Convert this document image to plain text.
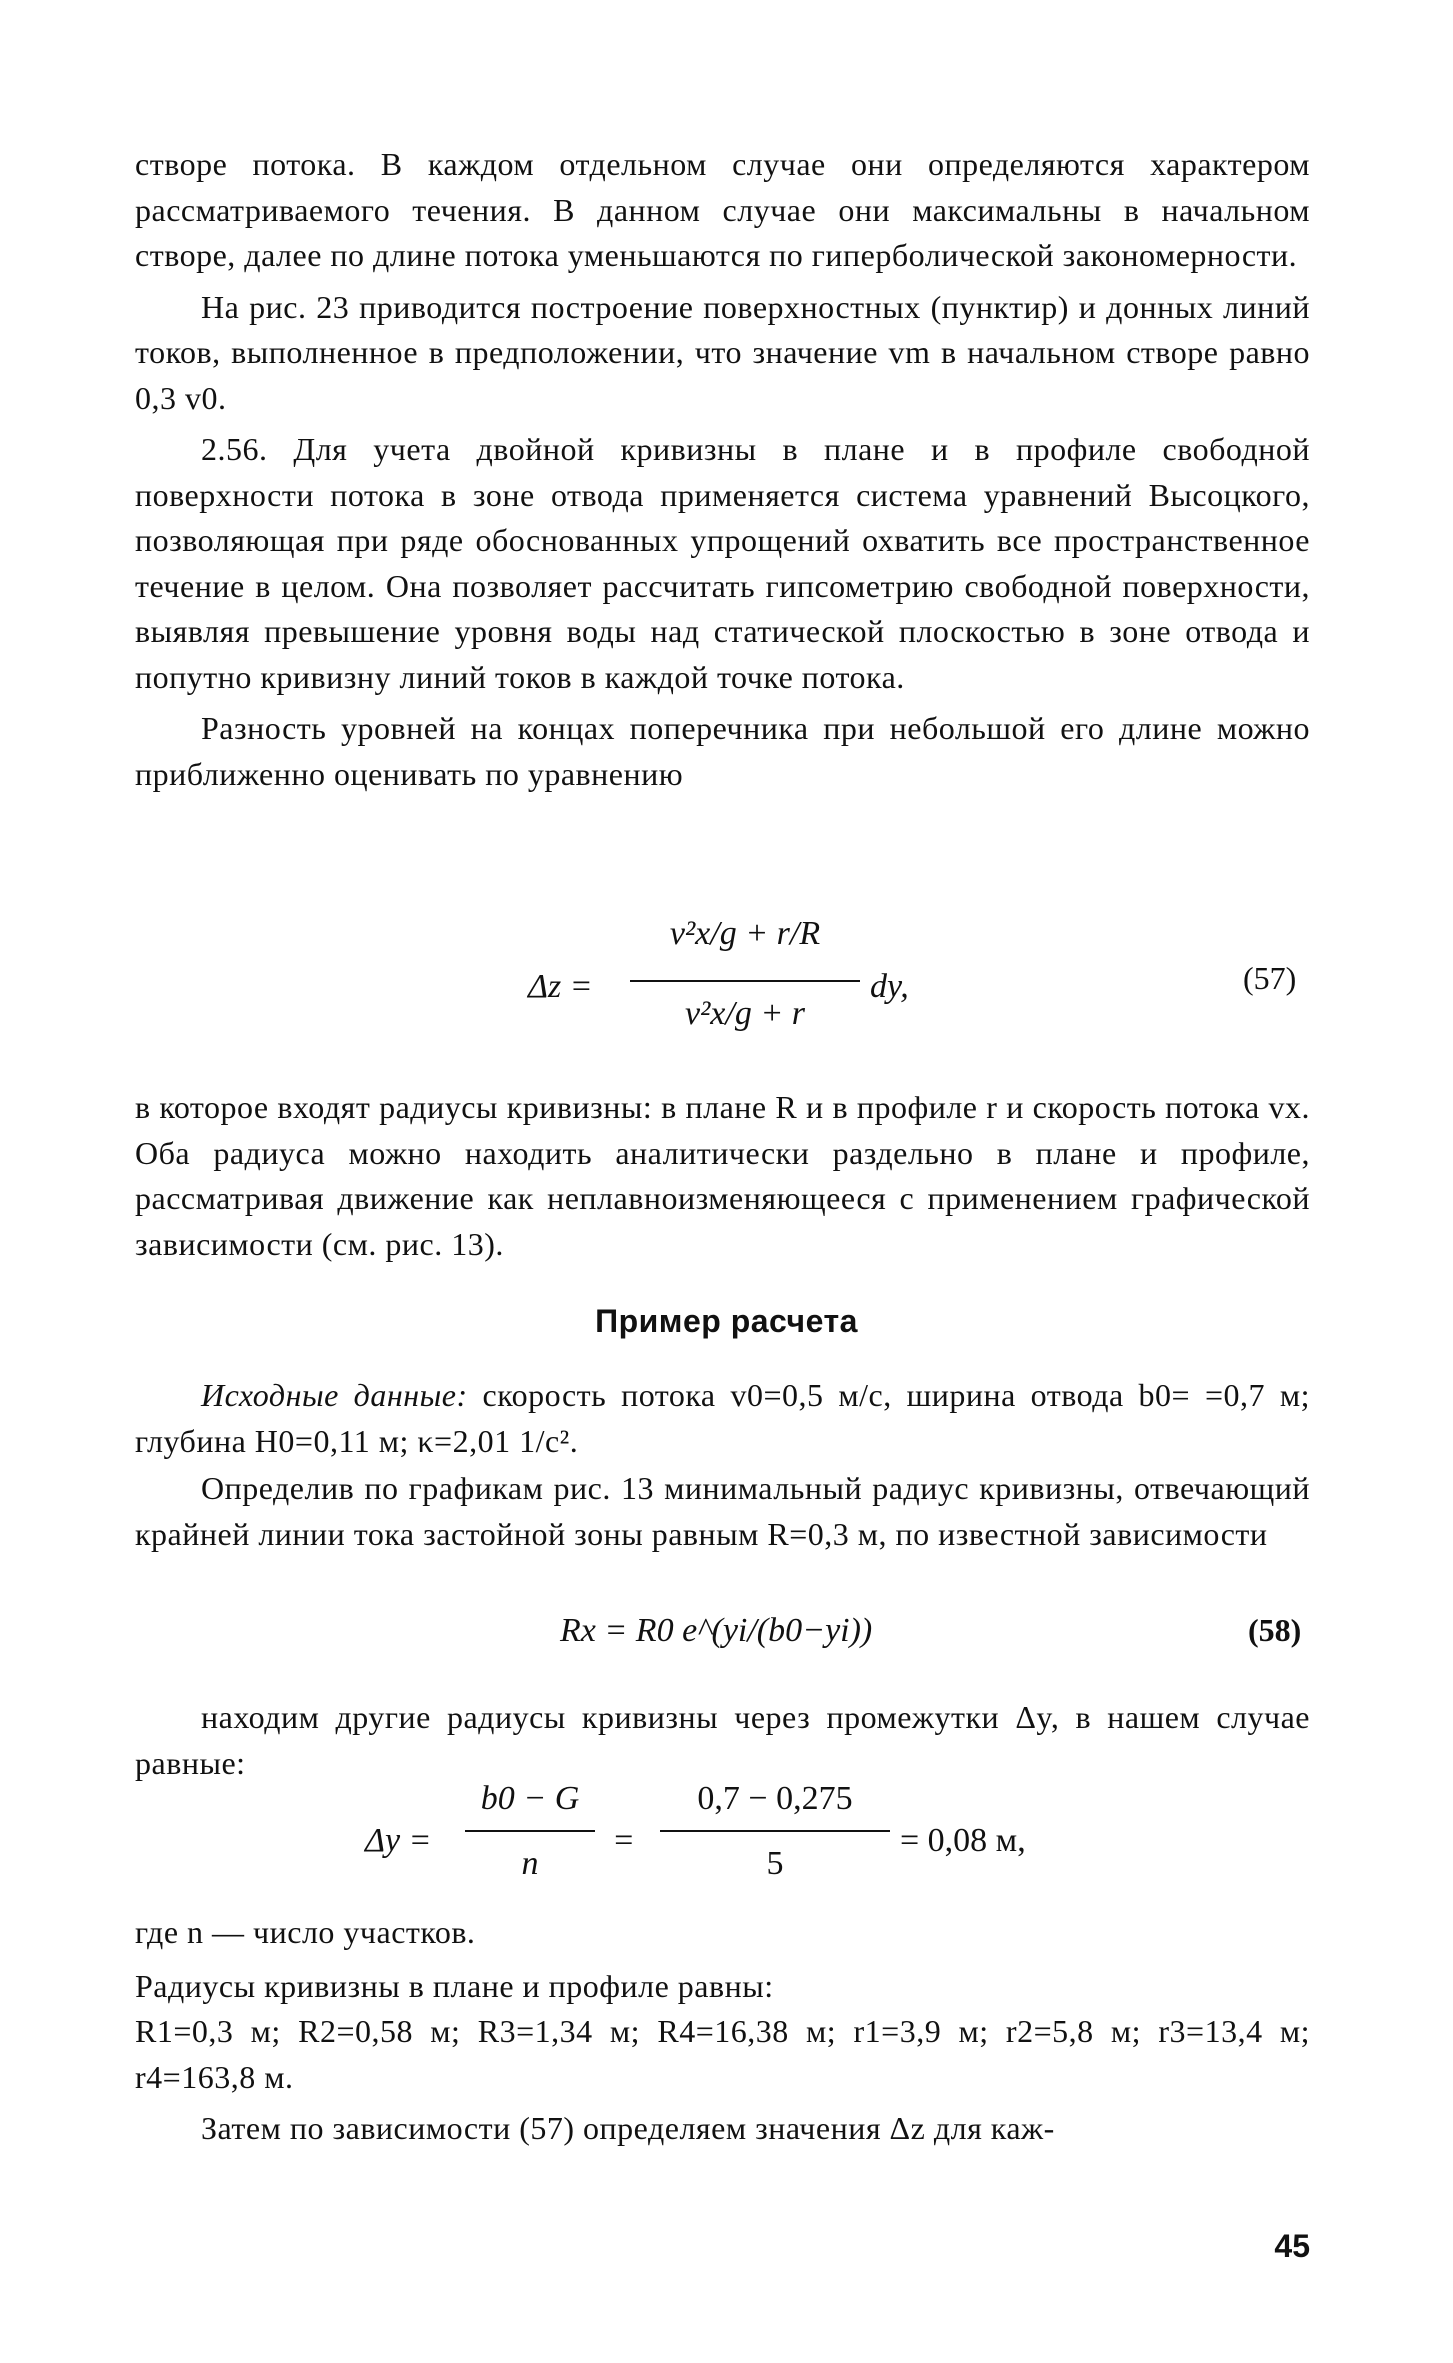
створе потока. В каждом отдельном случае они определяются характером рассматриваемого течения. В данном случае они максимальны в начальном створе, далее по длине потока уменьшаются по гиперболической закономерности.

На рис. 23 приводится построение поверхностных (пунктир) и донных линий токов, выполненное в предположении, что значение vm в начальном створе равно 0,3 v0.

2.56. Для учета двойной кривизны в плане и в профиле свободной поверхности потока в зоне отвода применяется система уравнений Высоцкого, позволяющая при ряде обоснованных упрощений охватить все пространственное течение в целом. Она позволяет рассчитать гипсометрию свободной поверхности, выявляя превышение уровня воды над статической плоскостью в зоне отвода и попутно кривизну линий токов в каждой точке потока.

Разность уровней на концах поперечника при небольшой его длине можно приближенно оценивать по уравнению

Δz =
v²x/g + r/R
v²x/g + r
dy,	(57)

в которое входят радиусы кривизны: в плане R и в профиле r и скорость потока vx. Оба радиуса можно находить аналитически раздельно в плане и профиле, рассматривая движение как неплавноизменяющееся с применением графической зависимости (см. рис. 13).

Пример расчета

Исходные данные: скорость потока v0=0,5 м/с, ширина отвода b0= =0,7 м; глубина H0=0,11 м; κ=2,01 1/с².

Определив по графикам рис. 13 минимальный радиус кривизны, отвечающий крайней линии тока застойной зоны равным R=0,3 м, по известной зависимости

Rx = R0 e^(yi/(b0−yi))	(58)

находим другие радиусы кривизны через промежутки Δy, в нашем случае равные:

Δy =
b0 − G
n
=
0,7 − 0,275
5
= 0,08 м,

где n — число участков.

Радиусы кривизны в плане и профиле равны:

R1=0,3 м; R2=0,58 м; R3=1,34 м; R4=16,38 м; r1=3,9 м; r2=5,8 м; r3=13,4 м; r4=163,8 м.

Затем по зависимости (57) определяем значения Δz для каж-

45
